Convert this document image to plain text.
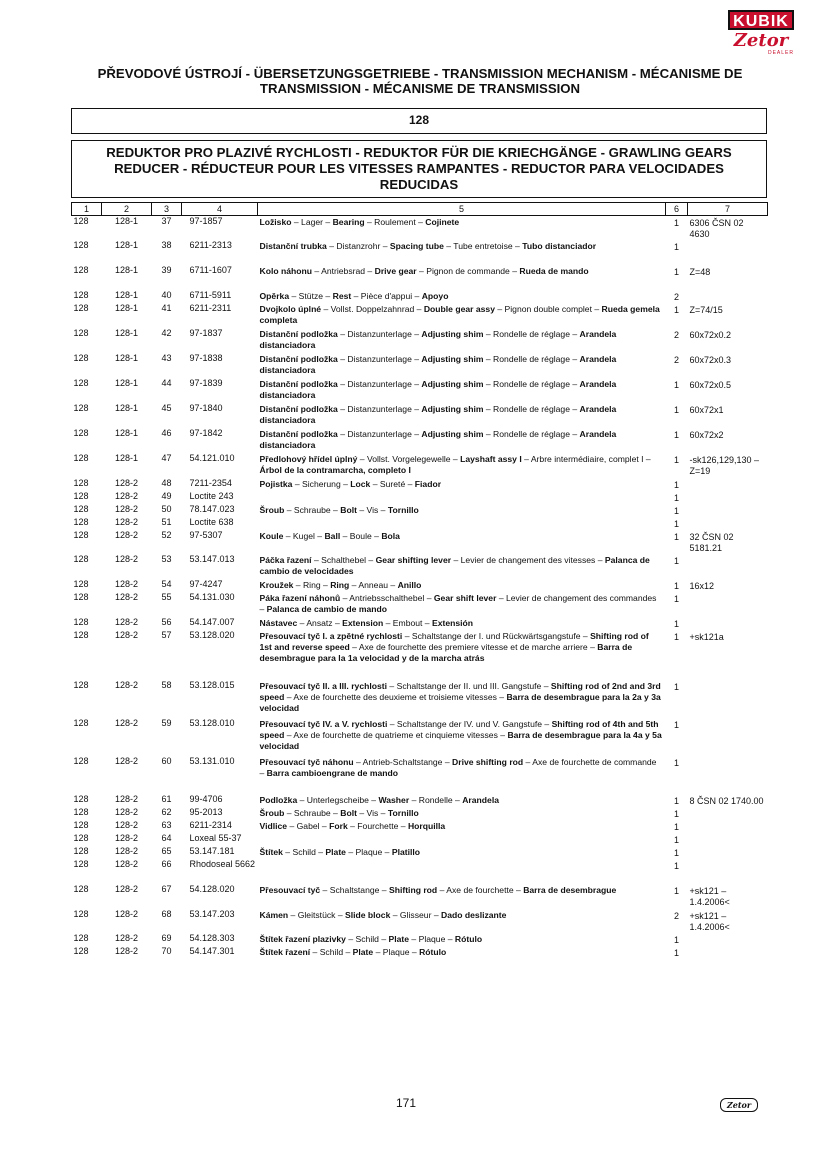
KUBIK
Zetor
DEALER
PŘEVODOVÉ ÚSTROJÍ - ÜBERSETZUNGSGETRIEBE - TRANSMISSION MECHANISM - MÉCANISME DE
TRANSMISSION - MÉCANISME DE TRANSMISSION
128
REDUKTOR PRO PLAZIVÉ RYCHLOSTI - REDUKTOR FÜR DIE KRIECHGÄNGE - GRAWLING GEARS
REDUCER - RÉDUCTEUR POUR LES VITESSES RAMPANTES - REDUCTOR PARA VELOCIDADES
REDUCIDAS
1	2	3	4	5	6	7
128	128-1	37	97-1857	Ložisko – Lager – Bearing – Roulement – Cojinete	1	6306 ČSN 02 4630
128	128-1	38	6211-2313	Distanční trubka – Distanzrohr – Spacing tube – Tube entretoise – Tubo distanciador	1	
128	128-1	39	6711-1607	Kolo náhonu – Antriebsrad – Drive gear – Pignon de commande – Rueda de mando	1	Z=48
128	128-1	40	6711-5911	Opěrka – Stütze – Rest – Pièce d'appui – Apoyo	2	
128	128-1	41	6211-2311	Dvojkolo úplné – Vollst. Doppelzahnrad – Double gear assy – Pignon double complet – Rueda gemela completa	1	Z=74/15
128	128-1	42	97-1837	Distanční podložka – Distanzunterlage – Adjusting shim – Rondelle de réglage – Arandela distanciadora	2	60x72x0.2
128	128-1	43	97-1838	Distanční podložka – Distanzunterlage – Adjusting shim – Rondelle de réglage – Arandela distanciadora	2	60x72x0.3
128	128-1	44	97-1839	Distanční podložka – Distanzunterlage – Adjusting shim – Rondelle de réglage – Arandela distanciadora	1	60x72x0.5
128	128-1	45	97-1840	Distanční podložka – Distanzunterlage – Adjusting shim – Rondelle de réglage – Arandela distanciadora	1	60x72x1
128	128-1	46	97-1842	Distanční podložka – Distanzunterlage – Adjusting shim – Rondelle de réglage – Arandela distanciadora	1	60x72x2
128	128-1	47	54.121.010	Předlohový hřídel úplný – Vollst. Vorgelegewelle – Layshaft assy I – Arbre intermédiaire, complet I – Árbol de la contramarcha, completo I	1	-sk126,129,130 – Z=19
128	128-2	48	7211-2354	Pojistka – Sicherung – Lock – Sureté – Fiador	1	
128	128-2	49	Loctite 243		1	
128	128-2	50	78.147.023	Šroub – Schraube – Bolt – Vis – Tornillo	1	
128	128-2	51	Loctite 638		1	
128	128-2	52	97-5307	Koule – Kugel – Ball – Boule – Bola	1	32 ČSN 02 5181.21
128	128-2	53	53.147.013	Páčka řazení – Schalthebel – Gear shifting lever – Levier de changement des vitesses – Palanca de cambio de velocidades	1	
128	128-2	54	97-4247	Kroužek – Ring – Ring – Anneau – Anillo	1	16x12
128	128-2	55	54.131.030	Páka řazení náhonů – Antriebsschalthebel – Gear shift lever – Levier de changement des commandes – Palanca de cambio de mando	1	
128	128-2	56	54.147.007	Nástavec – Ansatz – Extension – Embout – Extensión	1	
128	128-2	57	53.128.020	Přesouvací tyč I. a zpětné rychlosti – Schaltstange der I. und Rückwärtsgangstufe – Shifting rod of 1st and reverse speed – Axe de fourchette des premiere vitesse et de marche arriere – Barra de desembrague para la 1a velocidad y de la marcha atrás	1	+sk121a
128	128-2	58	53.128.015	Přesouvací tyč II. a III. rychlosti – Schaltstange der II. und III. Gangstufe – Shifting rod of 2nd and 3rd speed – Axe de fourchette des deuxieme et troisieme vitesses – Barra de desembrague para la 2a y 3a velocidad	1	
128	128-2	59	53.128.010	Přesouvací tyč IV. a V. rychlosti – Schaltstange der IV. und V. Gangstufe – Shifting rod of 4th and 5th speed – Axe de fourchette de quatrieme et cinquieme vitesses – Barra de desembrague para la 4a y 5a velocidad	1	
128	128-2	60	53.131.010	Přesouvací tyč náhonu – Antrieb-Schaltstange – Drive shifting rod – Axe de fourchette de commande – Barra cambioengrane de mando	1	
128	128-2	61	99-4706	Podložka – Unterlegscheibe – Washer – Rondelle – Arandela	1	8 ČSN 02 1740.00
128	128-2	62	95-2013	Šroub – Schraube – Bolt – Vis – Tornillo	1	
128	128-2	63	6211-2314	Vidlice – Gabel – Fork – Fourchette – Horquilla	1	
128	128-2	64	Loxeal 55-37		1	
128	128-2	65	53.147.181	Štítek – Schild – Plate – Plaque – Platillo	1	
128	128-2	66	Rhodoseal 5662		1	
128	128-2	67	54.128.020	Přesouvací tyč – Schaltstange – Shifting rod – Axe de fourchette – Barra de desembrague	1	+sk121 – 1.4.2006<
128	128-2	68	53.147.203	Kámen – Gleitstück – Slide block – Glisseur – Dado deslizante	2	+sk121 – 1.4.2006<
128	128-2	69	54.128.303	Štítek řazení plazivky – Schild – Plate – Plaque – Rótulo	1	
128	128-2	70	54.147.301	Štítek řazení – Schild – Plate – Plaque – Rótulo	1	
171	Zetor
